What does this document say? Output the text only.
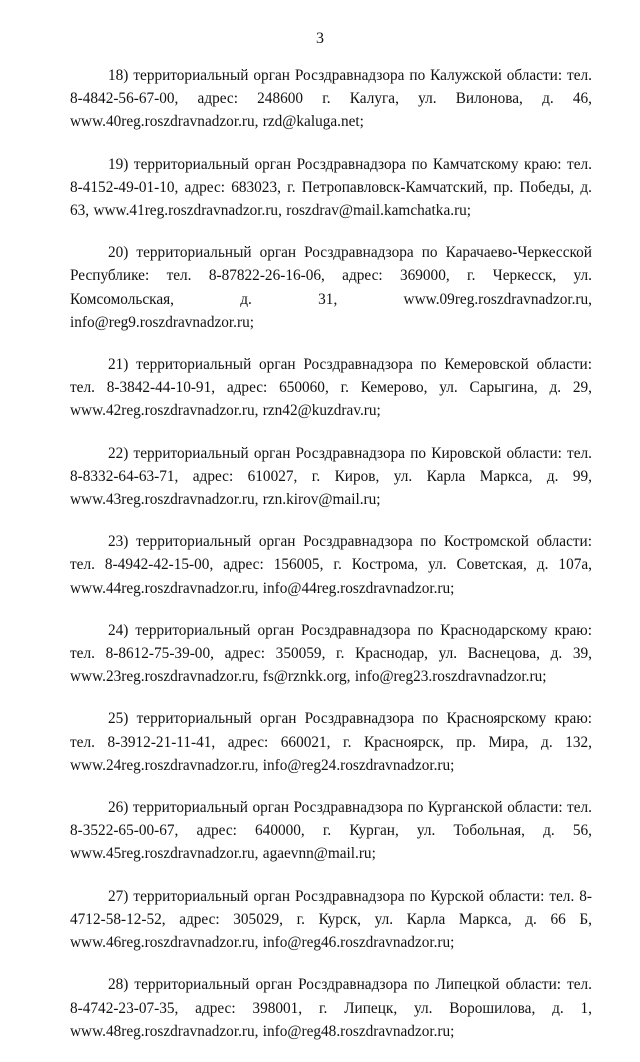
3

18) территориальный орган Росздравнадзора по Калужской области: тел. 8-4842-56-67-00, адрес: 248600 г. Калуга, ул. Вилонова, д. 46, www.40reg.roszdravnadzor.ru, rzd@kaluga.net;

19) территориальный орган Росздравнадзора по Камчатскому краю: тел. 8-4152-49-01-10, адрес: 683023, г. Петропавловск-Камчатский, пр. Победы, д. 63, www.41reg.roszdravnadzor.ru, roszdrav@mail.kamchatka.ru;

20) территориальный орган Росздравнадзора по Карачаево-Черкесской Республике: тел. 8-87822-26-16-06, адрес: 369000, г. Черкесск, ул. Комсомольская, д. 31, www.09reg.roszdravnadzor.ru, info@reg9.roszdravnadzor.ru;

21) территориальный орган Росздравнадзора по Кемеровской области: тел. 8-3842-44-10-91, адрес: 650060, г. Кемерово, ул. Сарыгина, д. 29, www.42reg.roszdravnadzor.ru, rzn42@kuzdrav.ru;

22) территориальный орган Росздравнадзора по Кировской области: тел. 8-8332-64-63-71, адрес: 610027, г. Киров, ул. Карла Маркса, д. 99, www.43reg.roszdravnadzor.ru, rzn.kirov@mail.ru;

23) территориальный орган Росздравнадзора по Костромской области: тел. 8-4942-42-15-00, адрес: 156005, г. Кострома, ул. Советская, д. 107а, www.44reg.roszdravnadzor.ru, info@44reg.roszdravnadzor.ru;

24) территориальный орган Росздравнадзора по Краснодарскому краю: тел. 8-8612-75-39-00, адрес: 350059, г. Краснодар, ул. Васнецова, д. 39, www.23reg.roszdravnadzor.ru, fs@rznkk.org, info@reg23.roszdravnadzor.ru;

25) территориальный орган Росздравнадзора по Красноярскому краю: тел. 8-3912-21-11-41, адрес: 660021, г. Красноярск, пр. Мира, д. 132, www.24reg.roszdravnadzor.ru, info@reg24.roszdravnadzor.ru;

26) территориальный орган Росздравнадзора по Курганской области: тел. 8-3522-65-00-67, адрес: 640000, г. Курган, ул. Тобольная, д. 56, www.45reg.roszdravnadzor.ru, agaevnn@mail.ru;

27) территориальный орган Росздравнадзора по Курской области: тел. 8-4712-58-12-52, адрес: 305029, г. Курск, ул. Карла Маркса, д. 66 Б, www.46reg.roszdravnadzor.ru, info@reg46.roszdravnadzor.ru;

28) территориальный орган Росздравнадзора по Липецкой области: тел. 8-4742-23-07-35, адрес: 398001, г. Липецк, ул. Ворошилова, д. 1, www.48reg.roszdravnadzor.ru, info@reg48.roszdravnadzor.ru;
